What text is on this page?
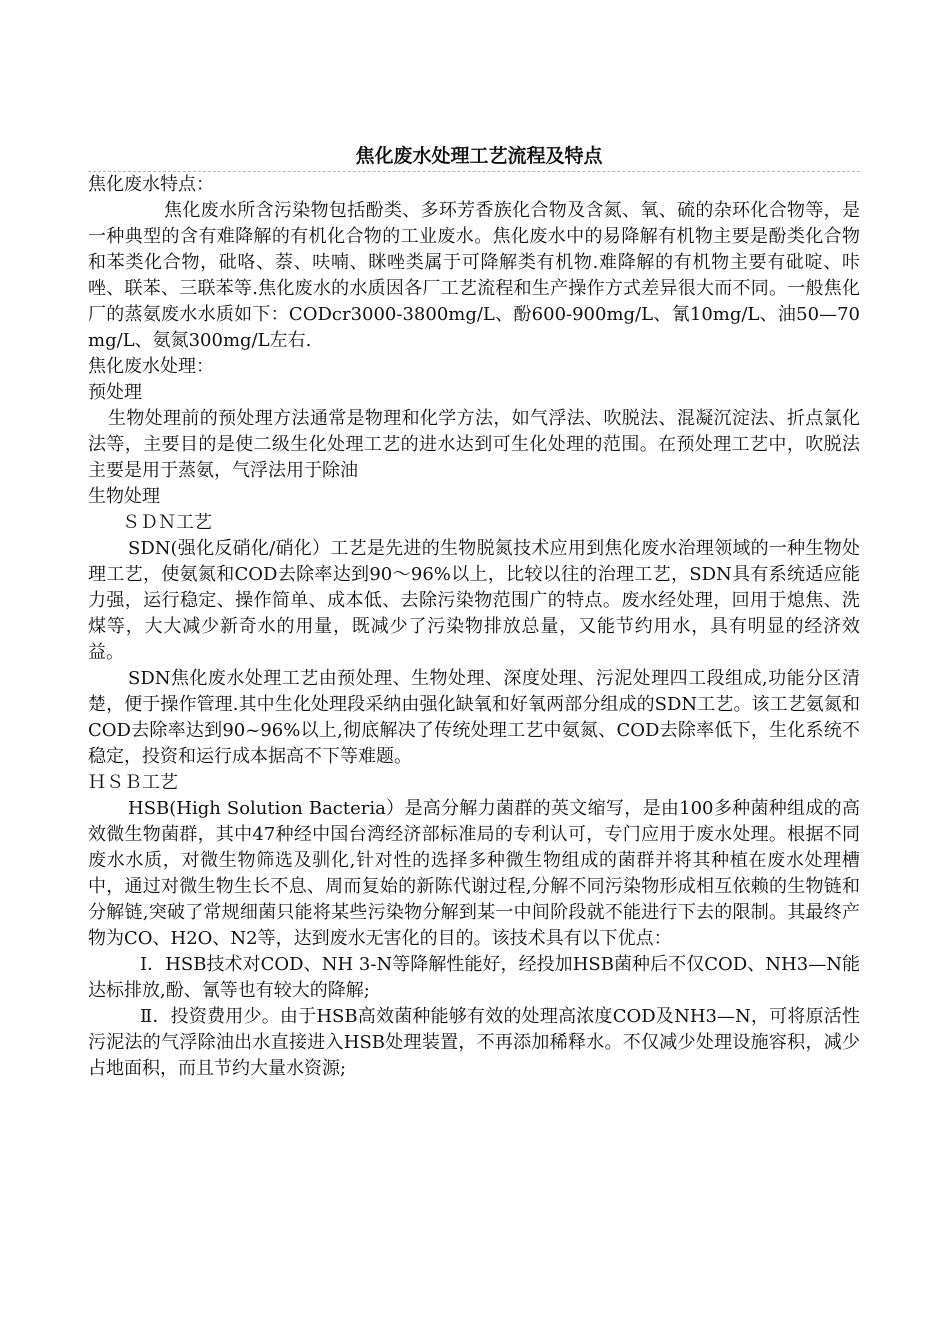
焦化废水处理工艺流程及特点

焦化废水特点：

焦化废水所含污染物包括酚类、多环芳香族化合物及含氮、氧、硫的杂环化合物等，是一种典型的含有难降解的有机化合物的工业废水。焦化废水中的易降解有机物主要是酚类化合物和苯类化合物，砒咯、萘、呋喃、眯唑类属于可降解类有机物.难降解的有机物主要有砒啶、咔唑、联苯、三联苯等.焦化废水的水质因各厂工艺流程和生产操作方式差异很大而不同。一般焦化厂的蒸氨废水水质如下：CODcr3000-3800mg/L、酚600-900mg/L、氰10mg/L、油50—70mg/L、氨氮300mg/L左右.

焦化废水处理：

预处理

生物处理前的预处理方法通常是物理和化学方法，如气浮法、吹脱法、混凝沉淀法、折点氯化法等，主要目的是使二级生化处理工艺的进水达到可生化处理的范围。在预处理工艺中，吹脱法主要是用于蒸氨，气浮法用于除油

生物处理

ＳＤＮ工艺

SDN(强化反硝化/硝化）工艺是先进的生物脱氮技术应用到焦化废水治理领域的一种生物处理工艺，使氨氮和COD去除率达到90～96%以上，比较以往的治理工艺，SDN具有系统适应能力强，运行稳定、操作简单、成本低、去除污染物范围广的特点。废水经处理，回用于熄焦、洗煤等，大大减少新奇水的用量，既减少了污染物排放总量，又能节约用水，具有明显的经济效益。

SDN焦化废水处理工艺由预处理、生物处理、深度处理、污泥处理四工段组成,功能分区清楚，便于操作管理.其中生化处理段采纳由强化缺氧和好氧两部分组成的SDN工艺。该工艺氨氮和COD去除率达到90~96%以上,彻底解决了传统处理工艺中氨氮、COD去除率低下，生化系统不稳定，投资和运行成本据高不下等难题。

ＨＳＢ工艺

HSB(High Solution Bacteria）是高分解力菌群的英文缩写，是由100多种菌种组成的高效微生物菌群，其中47种经中国台湾经济部标准局的专利认可，专门应用于废水处理。根据不同废水水质，对微生物筛选及驯化,针对性的选择多种微生物组成的菌群并将其种植在废水处理槽中，通过对微生物生长不息、周而复始的新陈代谢过程,分解不同污染物形成相互依赖的生物链和分解链,突破了常规细菌只能将某些污染物分解到某一中间阶段就不能进行下去的限制。其最终产物为CO、H2O、N2等，达到废水无害化的目的。该技术具有以下优点：

Ⅰ．HSB技术对COD、NH 3-N等降解性能好，经投加HSB菌种后不仅COD、NH3—N能达标排放,酚、氰等也有较大的降解;

Ⅱ．投资费用少。由于HSB高效菌种能够有效的处理高浓度COD及NH3—N，可将原活性污泥法的气浮除油出水直接进入HSB处理装置，不再添加稀释水。不仅减少处理设施容积，减少占地面积，而且节约大量水资源;
